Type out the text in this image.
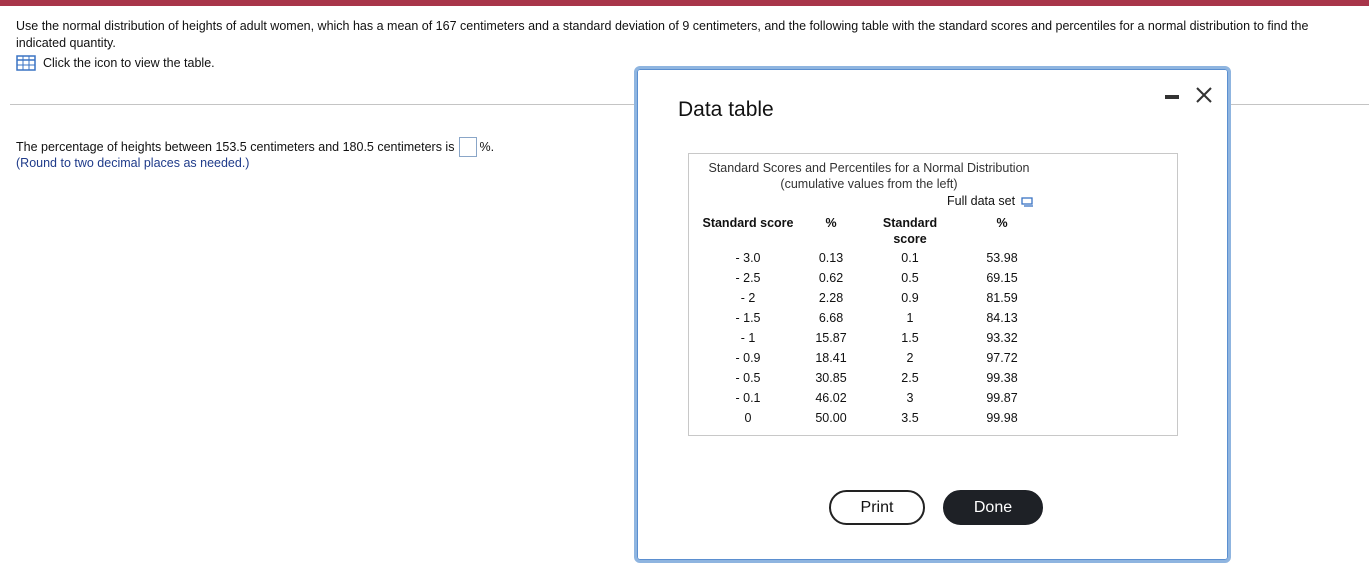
Use the normal distribution of heights of adult women, which has a mean of 167 centimeters and a standard deviation of 9 centimeters, and the following table with the standard scores and percentiles for a normal distribution to find the indicated quantity.
Click the icon to view the table.
The percentage of heights between 153.5 centimeters and 180.5 centimeters is %.
(Round to two decimal places as needed.)
Data table
Standard Scores and Percentiles for a Normal Distribution
(cumulative values from the left)
Full data set
Standard score
- 3.0
- 2.5
- 2
- 1.5
- 1
- 0.9
- 0.5
- 0.1
0
%
0.13
0.62
2.28
6.68
15.87
18.41
30.85
46.02
50.00
Standard
score
0.1
0.5
0.9
1
1.5
2
2.5
3
3.5
%
53.98
69.15
81.59
84.13
93.32
97.72
99.38
99.87
99.98
Print	Done
